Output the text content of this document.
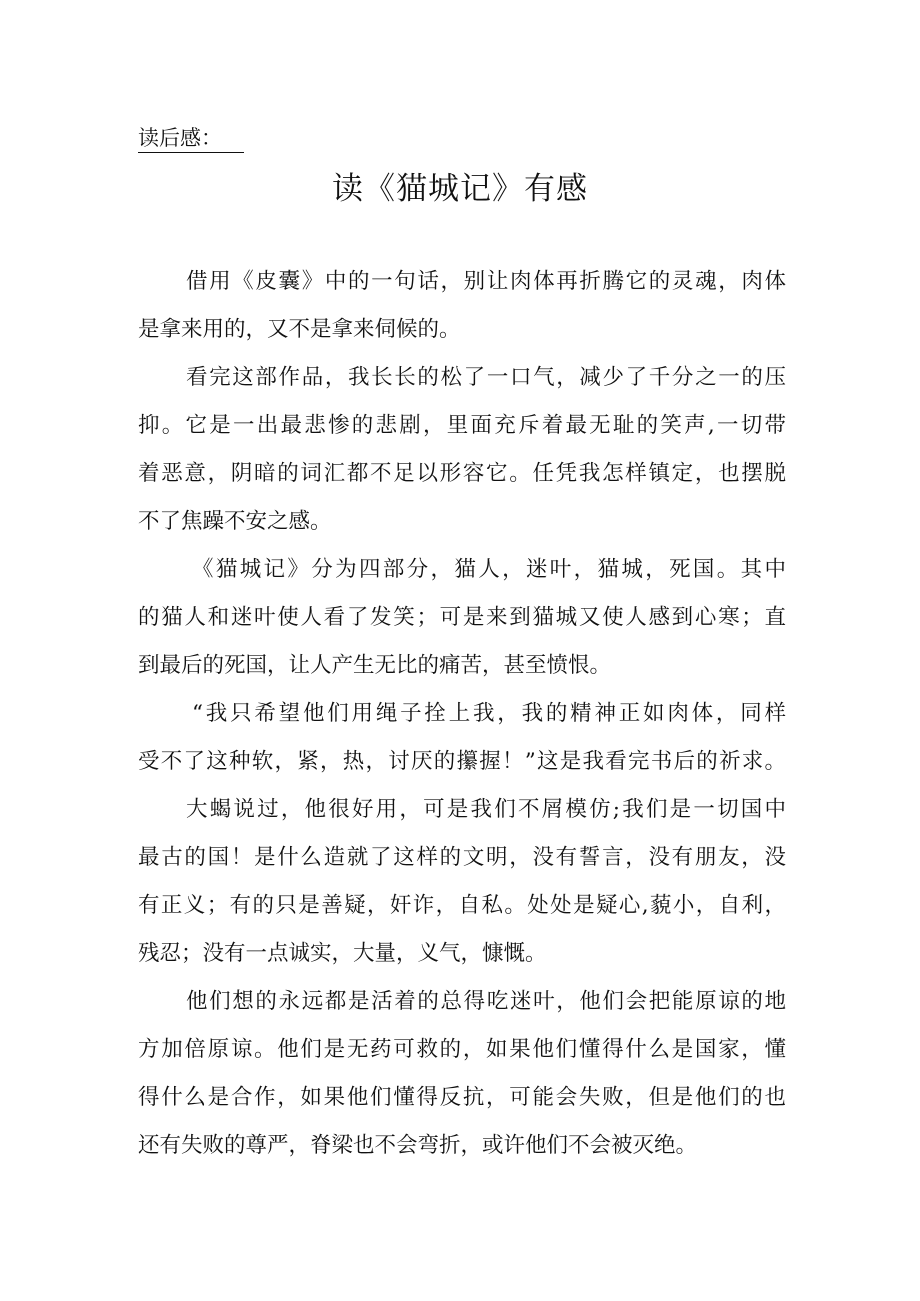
读后感：
读《猫城记》有感
借用《皮囊》中的一句话，别让肉体再折腾它的灵魂，肉体
是拿来用的，又不是拿来伺候的。
看完这部作品，我长长的松了一口气，减少了千分之一的压
抑。它是一出最悲惨的悲剧，里面充斥着最无耻的笑声,一切带
着恶意，阴暗的词汇都不足以形容它。任凭我怎样镇定，也摆脱
不了焦躁不安之感。
《猫城记》分为四部分，猫人，迷叶，猫城，死国。其中
的猫人和迷叶使人看了发笑；可是来到猫城又使人感到心寒；直
到最后的死国，让人产生无比的痛苦，甚至愤恨。
“我只希望他们用绳子拴上我，我的精神正如肉体，同样
受不了这种软，紧，热，讨厌的攥握！”这是我看完书后的祈求。
大蝎说过，他很好用，可是我们不屑模仿;我们是一切国中
最古的国！是什么造就了这样的文明，没有誓言，没有朋友，没
有正义；有的只是善疑，奸诈，自私。处处是疑心,藐小，自利，
残忍；没有一点诚实，大量，义气，慷慨。
他们想的永远都是活着的总得吃迷叶，他们会把能原谅的地
方加倍原谅。他们是无药可救的，如果他们懂得什么是国家，懂
得什么是合作，如果他们懂得反抗，可能会失败，但是他们的也
还有失败的尊严，脊梁也不会弯折，或许他们不会被灭绝。
